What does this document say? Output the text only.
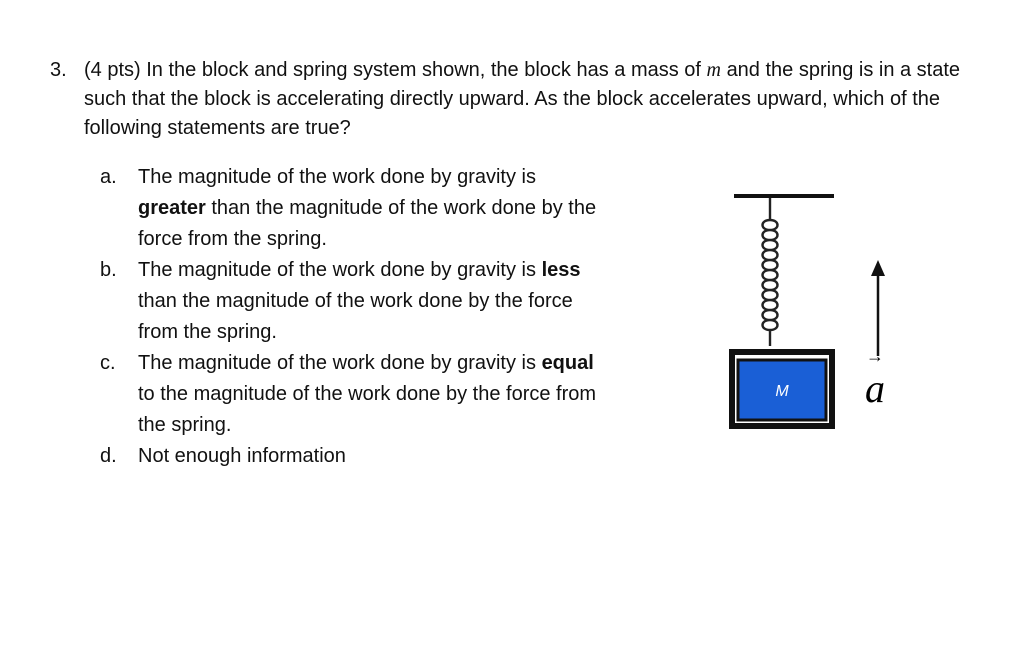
3. (4 pts) In the block and spring system shown, the block has a mass of m and the spring is in a state such that the block is accelerating directly upward. As the block accelerates upward, which of the following statements are true?
a. The magnitude of the work done by gravity is greater than the magnitude of the work done by the force from the spring.
b. The magnitude of the work done by gravity is less than the magnitude of the work done by the force from the spring.
c. The magnitude of the work done by gravity is equal to the magnitude of the work done by the force from the spring.
d. Not enough information
M
→
a
